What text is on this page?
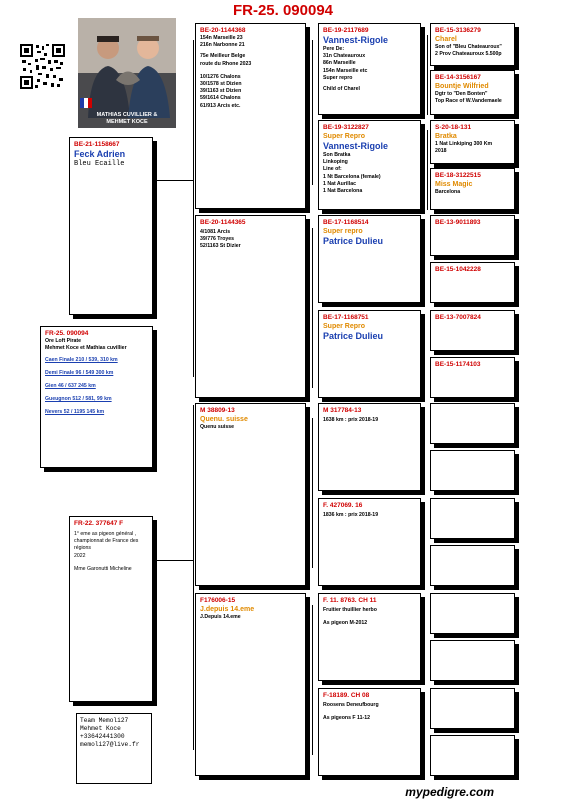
FR-25. 090094
MATHIAS CUVILLIER &
MEHMET KOCE
FR-25. 090094
Ore Loft Pirate
Mehmet Koce et Mathias cuvillier
Caen Finale 210 / 539, 310 km
Demi Finale 96 / 549 300 km
Gien 46 / 637 245 km
Gueugnon 512 / 581, 99 km
Nevers 52 / 1195 145 km
BE-21-1158667
Feck Adrien
Bleu Ecaille
FR-22. 377647 F
1° eme as pigeon général ,
championnat de France des régions
2022
Mme Garonutti Micheline
Team Memoli27
Mehmet Koce
+33642441300
memoli27@live.fr
BE-20-1144368
154n Marseille 23
216n Narbonne 21
75e Meilleur Belge
route du Rhone 2023
10/1276 Chalons
30/1578 st Dizien
39/1163 st Dizien
59/1614 Chalons
61/913 Arcis etc.
BE-20-1144365
4/1081 Arcis
39/776 Troyes
52/1163 St Dizier
M 38809-13
Quenu. suisse
Quenu suisse
F176006-15
J.depuis 14.eme
J.Depuis 14.eme
BE-19-2117689
Vannest-Rigole
Pere De:
31n Chateauroux
86n Marseille
154n Marseille etc
Super repro
Child of Charel
BE-19-3122827
Super Repro
Vannest-Rigole
Son Bratka
Linkoping
Line of:
1 Nt Barcelona (female)
1 Nat Aurillac
1 Nat Barcelona
BE-17-1168514
Super repro
Patrice Dulieu
BE-17-1168751
Super Repro
Patrice Dulieu
M 317784-13
1638 km : prix 2018-19
F. 427069. 16
1836 km : prix 2018-19
F. 11. 8763. CH 11
Fruitier thuillier herbo
As pigeon M-2012
F-18189. CH 08
Roosens Deneufbourg
As pigeons F 11-12
BE-15-3136279
Charel
Son of "Bleu Chateauroux"
2 Prov Chateauroux 5.500p
BE-14-3156167
Bountje Wilfried
Dgtr to "Den Bonten"
Top Race of W.Vandemaele
S-20-18-131
Bratka
1 Nat Linkiping 300 Km
2018
BE-18-3122515
Miss Magic
Barcelona
BE-13-9011893
BE-15-1042228
BE-13-7007824
BE-15-1174103
mypedigre.com
